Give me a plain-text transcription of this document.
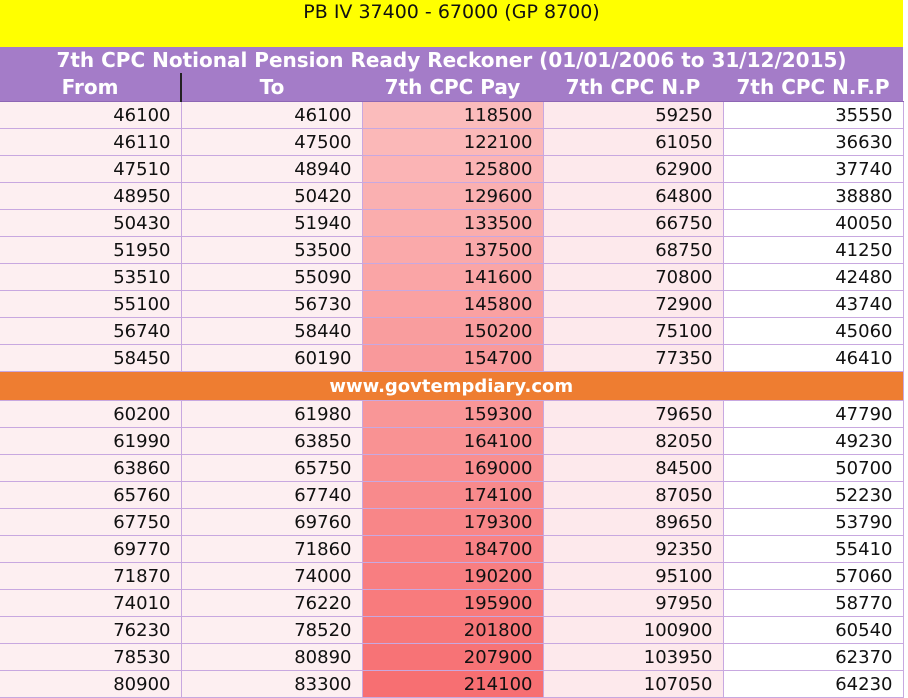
PB IV 37400 - 67000 (GP 8700)
7th CPC Notional Pension Ready Reckoner (01/01/2006 to 31/12/2015)
From	To	7th CPC Pay	7th CPC N.P	7th CPC N.F.P
46100	46100	118500	59250	35550
46110	47500	122100	61050	36630
47510	48940	125800	62900	37740
48950	50420	129600	64800	38880
50430	51940	133500	66750	40050
51950	53500	137500	68750	41250
53510	55090	141600	70800	42480
55100	56730	145800	72900	43740
56740	58440	150200	75100	45060
58450	60190	154700	77350	46410
www.govtempdiary.com				
60200	61980	159300	79650	47790
61990	63850	164100	82050	49230
63860	65750	169000	84500	50700
65760	67740	174100	87050	52230
67750	69760	179300	89650	53790
69770	71860	184700	92350	55410
71870	74000	190200	95100	57060
74010	76220	195900	97950	58770
76230	78520	201800	100900	60540
78530	80890	207900	103950	62370
80900	83300	214100	107050	64230
